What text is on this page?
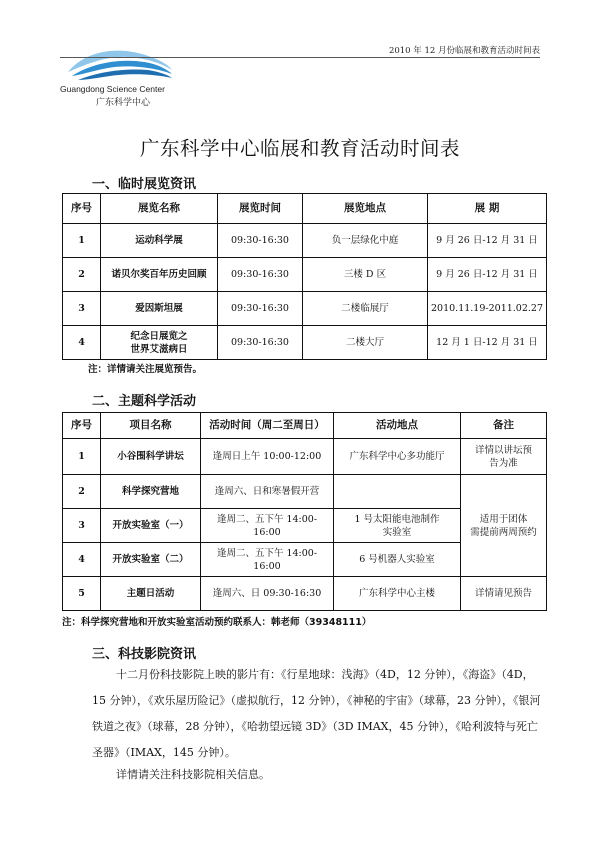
Guangdong Science Center
广东科学中心
2010 年 12 月份临展和教育活动时间表
广东科学中心临展和教育活动时间表
一、临时展览资讯
序号	展览名称	展览时间	展览地点	展 期
1	运动科学展	09:30-16:30	负一层绿化中庭	9 月 26 日-12 月 31 日
2	诺贝尔奖百年历史回顾	09:30-16:30	三楼 D 区	9 月 26 日-12 月 31 日
3	爱因斯坦展	09:30-16:30	二楼临展厅	2010.11.19-2011.02.27
4	纪念日展览之
世界艾滋病日	09:30-16:30	二楼大厅	12 月 1 日-12 月 31 日
注：详情请关注展览预告。
二、主题科学活动
序号	项目名称	活动时间（周二至周日）	活动地点	备注
1	小谷围科学讲坛	逢周日上午 10:00-12:00	广东科学中心多功能厅	详情以讲坛预
告为准

2	科学探究营地	逢周六、日和寒暑假开营		适用于团体
需提前两周预约

3	开放实验室（一）	逢周二、五下午 14:00-16:00	1 号太阳能电池制作
实验室	

4	开放实验室（二）	逢周二、五下午 14:00-16:00	6 号机器人实验室	
5	主题日活动	逢周六、日 09:30-16:30	广东科学中心主楼	详情请见预告
注：科学探究营地和开放实验室活动预约联系人：韩老师（39348111）
三、科技影院资讯
十二月份科技影院上映的影片有：《行星地球：浅海》（4D，12 分钟），《海盗》（4D，15 分钟），《欢乐屋历险记》（虚拟航行，12 分钟），《神秘的宇宙》（球幕，23 分钟），《银河铁道之夜》（球幕，28 分钟），《哈勃望远镜 3D》（3D IMAX，45 分钟），《哈利波特与死亡圣器》（IMAX，145 分钟）。
详情请关注科技影院相关信息。
